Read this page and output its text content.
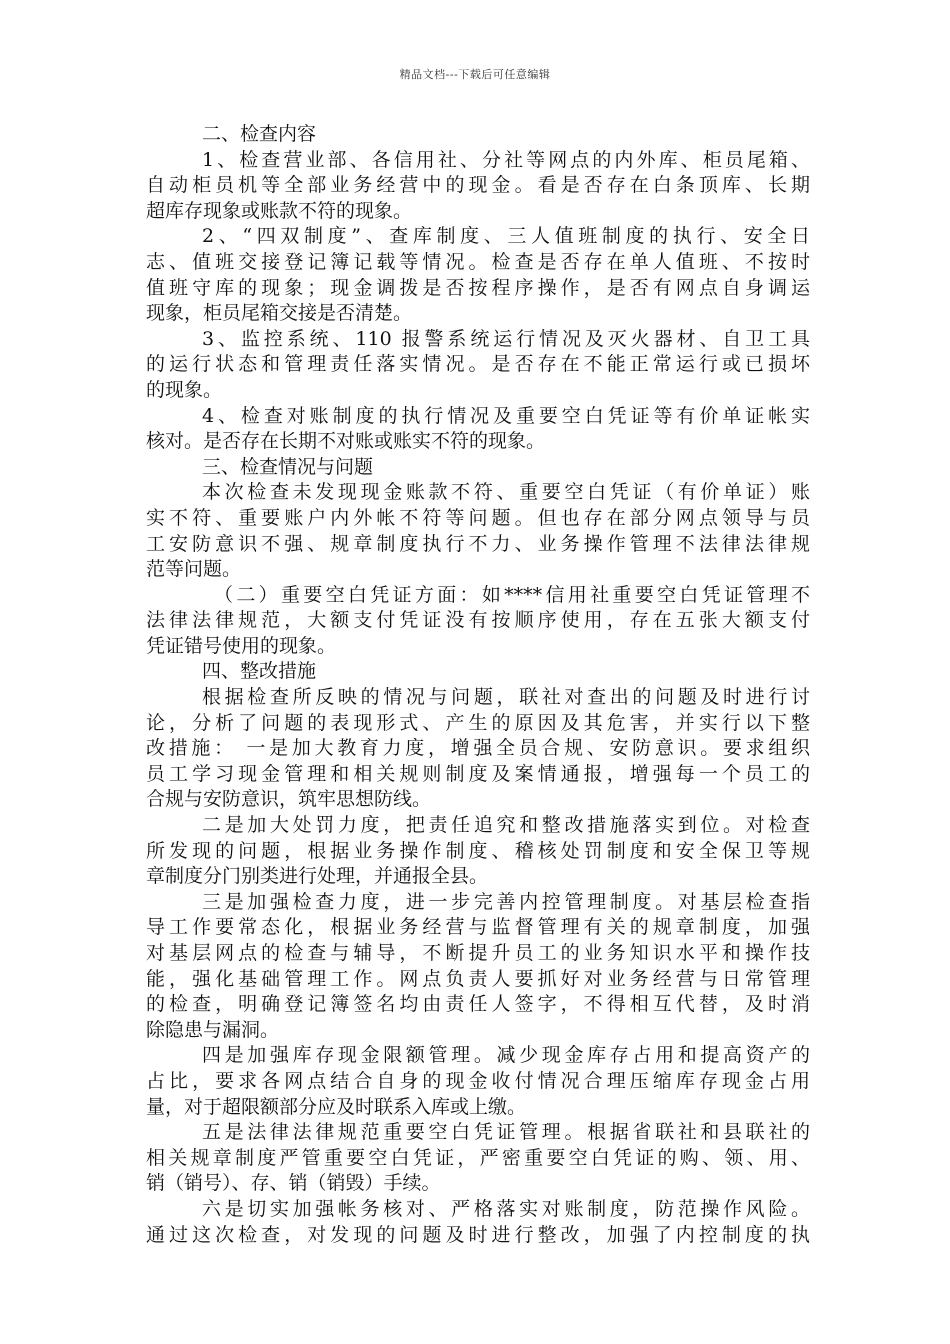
精品文档---下载后可任意编辑
二、检查内容
1、检查营业部、各信用社、分社等网点的内外库、柜员尾箱、
自动柜员机等全部业务经营中的现金。看是否存在白条顶库、长期
超库存现象或账款不符的现象。
2、“四双制度”、查库制度、三人值班制度的执行、安全日
志、值班交接登记簿记载等情况。检查是否存在单人值班、不按时
值班守库的现象；现金调拨是否按程序操作，是否有网点自身调运
现象，柜员尾箱交接是否清楚。
3、监控系统、110 报警系统运行情况及灭火器材、自卫工具
的运行状态和管理责任落实情况。是否存在不能正常运行或已损坏
的现象。
4、检查对账制度的执行情况及重要空白凭证等有价单证帐实
核对。是否存在长期不对账或账实不符的现象。
三、检查情况与问题
本次检查未发现现金账款不符、重要空白凭证（有价单证）账
实不符、重要账户内外帐不符等问题。但也存在部分网点领导与员
工安防意识不强、规章制度执行不力、业务操作管理不法律法律规
范等问题。
（二）重要空白凭证方面：如****信用社重要空白凭证管理不
法律法律规范，大额支付凭证没有按顺序使用，存在五张大额支付
凭证错号使用的现象。
四、整改措施
根据检查所反映的情况与问题，联社对查出的问题及时进行讨
论，分析了问题的表现形式、产生的原因及其危害，并实行以下整
改措施： 一是加大教育力度，增强全员合规、安防意识。要求组织
员工学习现金管理和相关规则制度及案情通报，增强每一个员工的
合规与安防意识，筑牢思想防线。
二是加大处罚力度，把责任追究和整改措施落实到位。对检查
所发现的问题，根据业务操作制度、稽核处罚制度和安全保卫等规
章制度分门别类进行处理，并通报全县。
三是加强检查力度，进一步完善内控管理制度。对基层检查指
导工作要常态化，根据业务经营与监督管理有关的规章制度，加强
对基层网点的检查与辅导，不断提升员工的业务知识水平和操作技
能，强化基础管理工作。网点负责人要抓好对业务经营与日常管理
的检查，明确登记簿签名均由责任人签字，不得相互代替，及时消
除隐患与漏洞。
四是加强库存现金限额管理。减少现金库存占用和提高资产的
占比，要求各网点结合自身的现金收付情况合理压缩库存现金占用
量，对于超限额部分应及时联系入库或上缴。
五是法律法律规范重要空白凭证管理。根据省联社和县联社的
相关规章制度严管重要空白凭证，严密重要空白凭证的购、领、用、
销（销号）、存、销（销毁）手续。
六是切实加强帐务核对、严格落实对账制度，防范操作风险。
通过这次检查，对发现的问题及时进行整改，加强了内控制度的执
